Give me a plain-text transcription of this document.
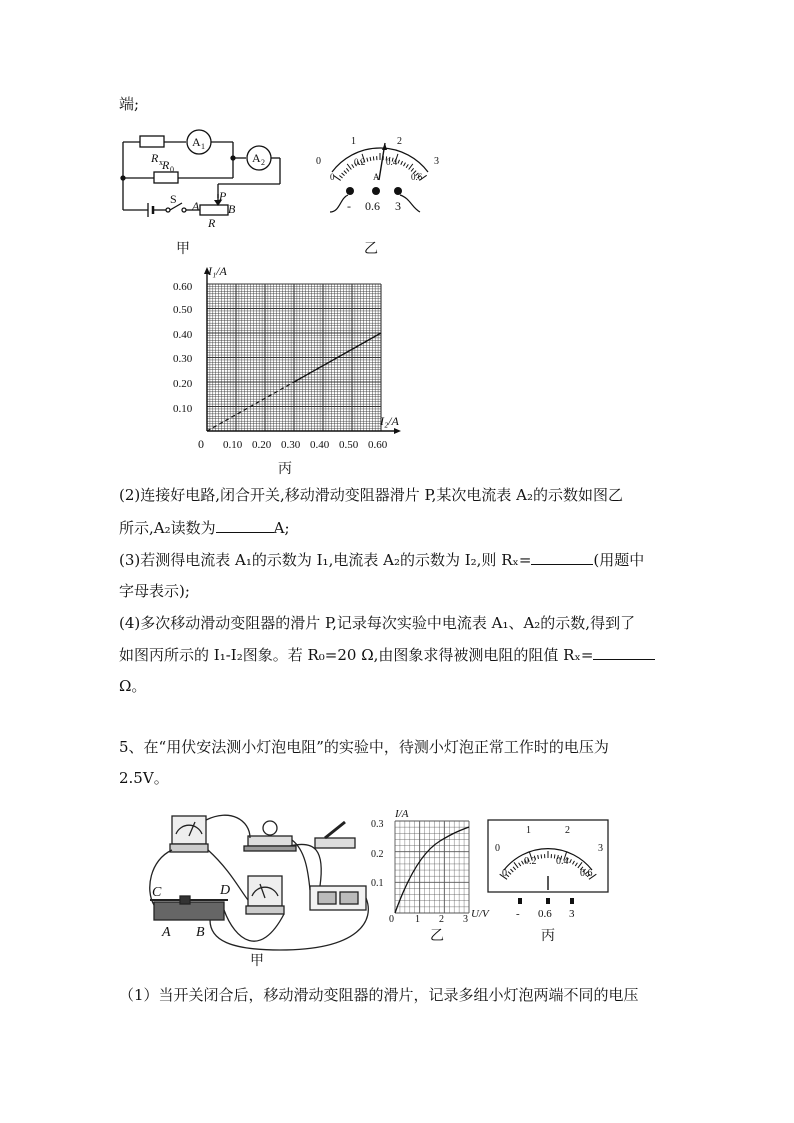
端;
R x R 0
A 1
A 2
S	P
A B
R
甲
0
1	2
3
0
0.2 0.4
0.6
A
- 0.6 3
乙
I₁/A
I₂/A
0
0.10
0.20
0.30
0.40
0.50
0.60
0.10 0.20 0.30 0.40 0.50 0.60
丙
(2)连接好电路,闭合开关,移动滑动变阻器滑片 P,某次电流表 A₂的示数如图乙
所示,A₂读数为	A;
(3)若测得电流表 A₁的示数为 I₁,电流表 A₂的示数为 I₂,则 Rₓ=	(用题中
字母表示);
(4)多次移动滑动变阻器的滑片 P,记录每次实验中电流表 A₁、A₂的示数,得到了
如图丙所示的 I₁-I₂图象。若 R₀=20 Ω,由图象求得被测电阻的阻值 Rₓ=
Ω。
5、在“用伏安法测小灯泡电阻”的实验中，待测小灯泡正常工作时的电压为
2.5V。
C	D
A B
甲
I/A
U/V
0
0.1
0.2
0.3
1 2 3
乙
0
1	2
3
0
0.2 0.4
0.6
- 0.6 3
丙
（1）当开关闭合后，移动滑动变阻器的滑片，记录多组小灯泡两端不同的电压
